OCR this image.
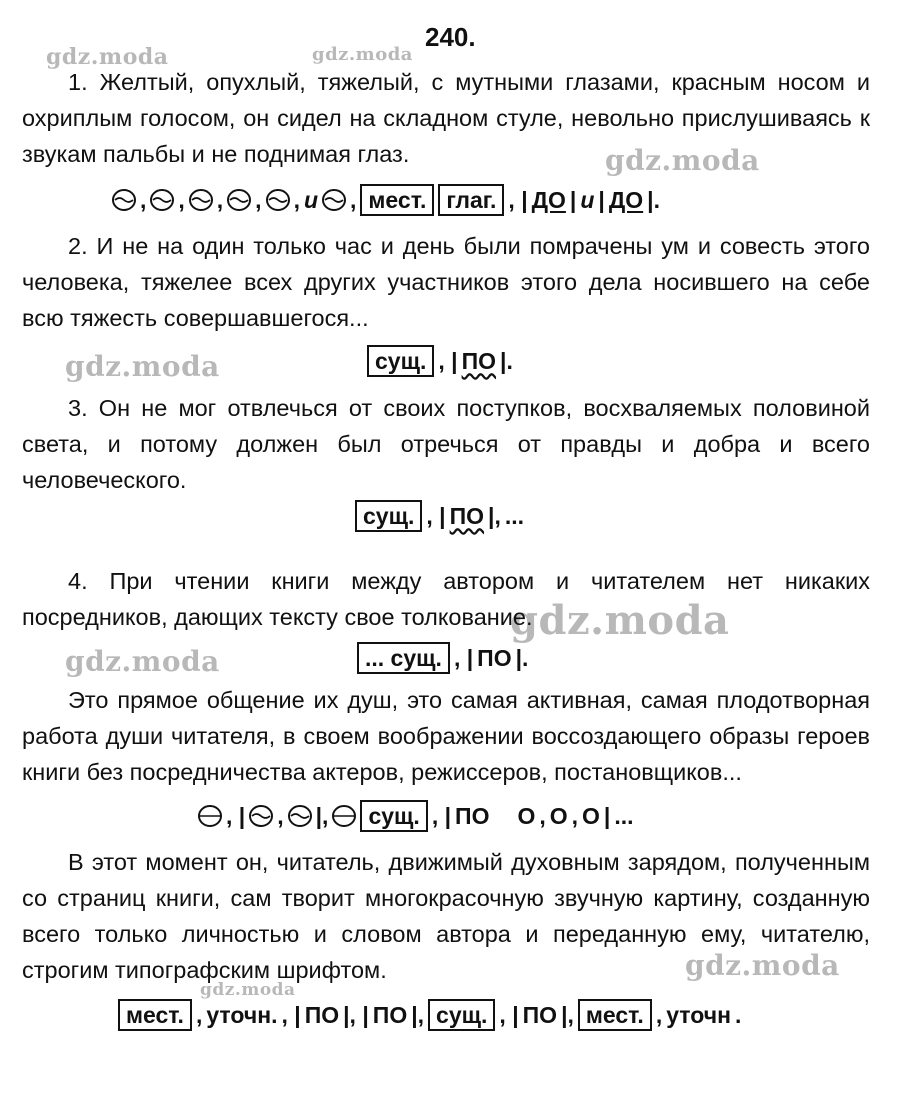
gdz.moda	gdz.moda
gdz.moda
gdz.moda
gdz.moda
gdz.moda
gdz.moda
gdz.moda
240.

1. Желтый, опухлый, тяжелый, с мутными глазами, красным носом и охриплым голосом, он сидел на складном стуле, невольно прислушиваясь к звукам пальбы и не поднимая глаз.

,
,
,
,
, и , мест. глаг. , | ДО | и | ДО |.

2. И не на один только час и день были помрачены ум и совесть этого человека, тяжелее всех других участников этого дела носившего на себе всю тяжесть совершавшегося...

сущ. , | ПО |.

3. Он не мог отвлечься от своих поступков, восхваляемых половиной света, и потому должен был отречься от правды и добра и всего человеческого.

сущ. , | ПО |, ...

4. При чтении книги между автором и читателем нет никаких посредников, дающих тексту свое толкование.

... сущ. , | ПО |.

Это прямое общение их душ, это самая активная, самая плодотворная работа души читателя, в своем воображении воссоздающего образы героев книги без посредничества актеров, режиссеров, постановщиков...

, |
,
|,	сущ. , | ПО О , О , О | ...

В этот момент он, читатель, движимый духовным зарядом, полученным со страниц книги, сам творит многокрасочную звучную картину, созданную всего только личностью и словом автора и переданную ему, читателю, строгим типографским шрифтом.

мест. , уточн. , | ПО |, | ПО |, сущ. , | ПО |, мест. , уточн .
